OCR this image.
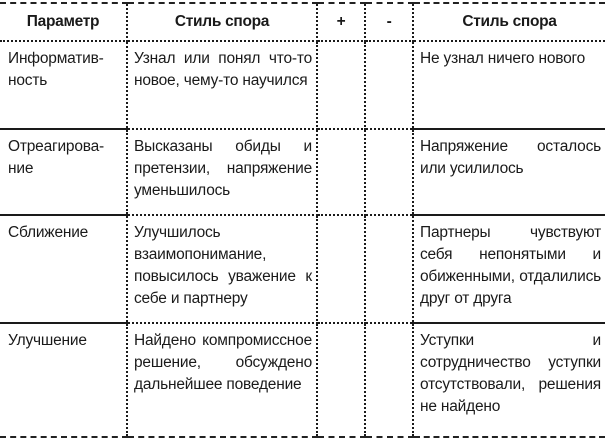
Параметр	Стиль спора	+	-	Стиль спора
Информатив-ность	Узнал или понял что-то новое, чему-то научился			Не узнал ничего нового
Отреагирова-ние	Высказаны обиды и претензии, напряжение уменьшилось			Напряжение осталось или усилилось
Сближение	Улучшилось взаимопонимание, повысилось уважение к себе и партнеру			Партнеры чувствуют себя непонятыми и обиженными, отдалились друг от друга
Улучшение	Найдено компромиссное решение, обсуждено дальнейшее поведение			Уступки и сотрудничество уступки отсутствовали, решения не найдено
